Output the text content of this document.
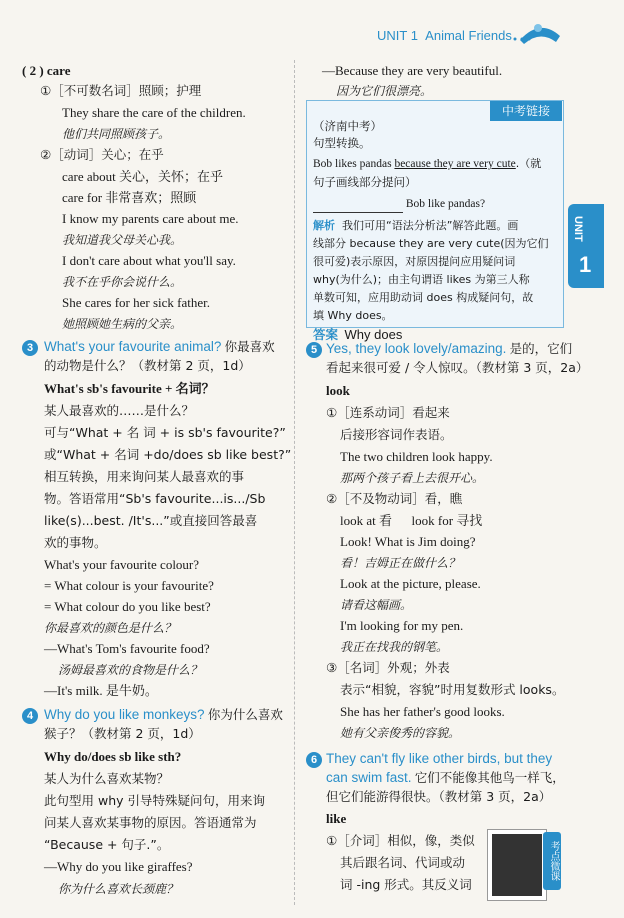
UNIT 1 Animal Friends
UNIT
1
( 2 ) care
①［不可数名词］照顾；护理
They share the care of the children.
他们共同照顾孩子。
②［动词］关心；在乎
care about 关心，关怀；在乎
care for 非常喜欢；照顾
I know my parents care about me.
我知道我父母关心我。
I don't care about what you'll say.
我不在乎你会说什么。
She cares for her sick father.
她照顾她生病的父亲。
3 What's your favourite animal? 你最喜欢
的动物是什么？（教材第 2 页，1d）
What's sb's favourite + 名词？
某人最喜欢的……是什么？
可与“What + 名 词 + is sb's favourite?”
或“What + 名词 +do/does sb like best?”
相互转换，用来询问某人最喜欢的事
物。答语常用“Sb's favourite...is.../Sb
like(s)...best. /It's...”或直接回答最喜
欢的事物。
What's your favourite colour?
= What colour is your favourite?
= What colour do you like best?
你最喜欢的颜色是什么？
—What's Tom's favourite food?
汤姆最喜欢的食物是什么？
—It's milk. 是牛奶。
4 Why do you like monkeys? 你为什么喜欢
猴子？（教材第 2 页，1d）
Why do/does sb like sth?
某人为什么喜欢某物？
此句型用 why 引导特殊疑问句，用来询
问某人喜欢某事物的原因。答语通常为
“Because + 句子.”。
—Why do you like giraffes?
你为什么喜欢长颈鹿？
—Because they are very beautiful.
因为它们很漂亮。
（济南中考）
句型转换。
Bob likes pandas because they are very cute.（就
句子画线部分提问）
Bob like pandas?
解析 我们可用“语法分析法”解答此题。画
线部分 because they are very cute(因为它们
很可爱)表示原因，对原因提问应用疑问词
why(为什么)；由主句谓语 likes 为第三人称
单数可知，应用助动词 does 构成疑问句，故
填 Why does。
答案 Why does
中考链接
5 Yes, they look lovely/amazing. 是的，它们
看起来很可爱 / 令人惊叹。（教材第 3 页，2a）
look
①［连系动词］看起来
后接形容词作表语。
The two children look happy.
那两个孩子看上去很开心。
②［不及物动词］看，瞧
look at 看 look for 寻找
Look! What is Jim doing?
看！吉姆正在做什么？
Look at the picture, please.
请看这幅画。
I'm looking for my pen.
我正在找我的钢笔。
③［名词］外观；外表
表示“相貌，容貌”时用复数形式 looks。
She has her father's good looks.
她有父亲俊秀的容貌。
6 They can't fly like other birds, but they
can swim fast. 它们不能像其他鸟一样飞，
但它们能游得很快。（教材第 3 页，2a）
like
①［介词］相似，像，类似
其后跟名词、代词或动
词 -ing 形式。其反义词
考点微课
